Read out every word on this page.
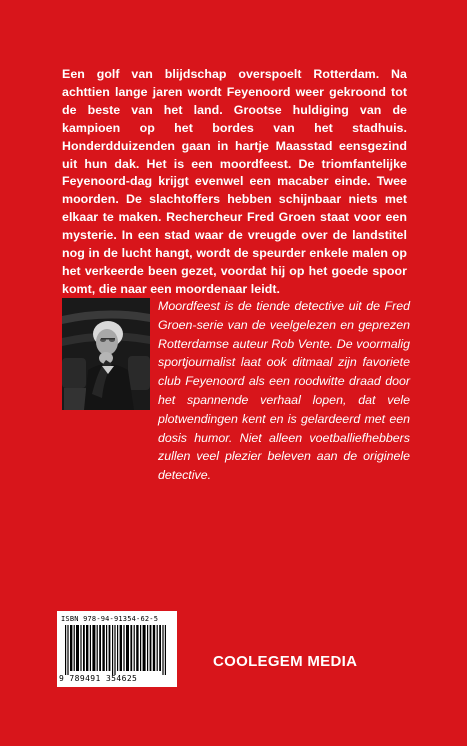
Een golf van blijdschap overspoelt Rotterdam. Na achttien lange jaren wordt Feyenoord weer gekroond tot de beste van het land. Grootse huldiging van de kampioen op het bordes van het stadhuis. Honderdduizenden gaan in hartje Maasstad eensgezind uit hun dak. Het is een moordfeest. De triomfantelijke Feyenoord-dag krijgt evenwel een macaber einde. Twee moorden. De slachtoffers hebben schijnbaar niets met elkaar te maken. Rechercheur Fred Groen staat voor een mysterie. In een stad waar de vreugde over de landstitel nog in de lucht hangt, wordt de speurder enkele malen op het verkeerde been gezet, voordat hij op het goede spoor komt, die naar een moordenaar leidt.

Moordfeest is de tiende detective uit de Fred Groen-serie van de veelgelezen en geprezen Rotterdamse auteur Rob Vente. De voormalig sportjournalist laat ook ditmaal zijn favoriete club Feyenoord als een roodwitte draad door het spannende verhaal lopen, dat vele plotwendingen kent en is gelardeerd met een dosis humor. Niet alleen voetballiefhebbers zullen veel plezier beleven aan de originele detective.

ISBN 978-94-91354-62-5
9 789491 354625
COOLEGEM MEDIA
